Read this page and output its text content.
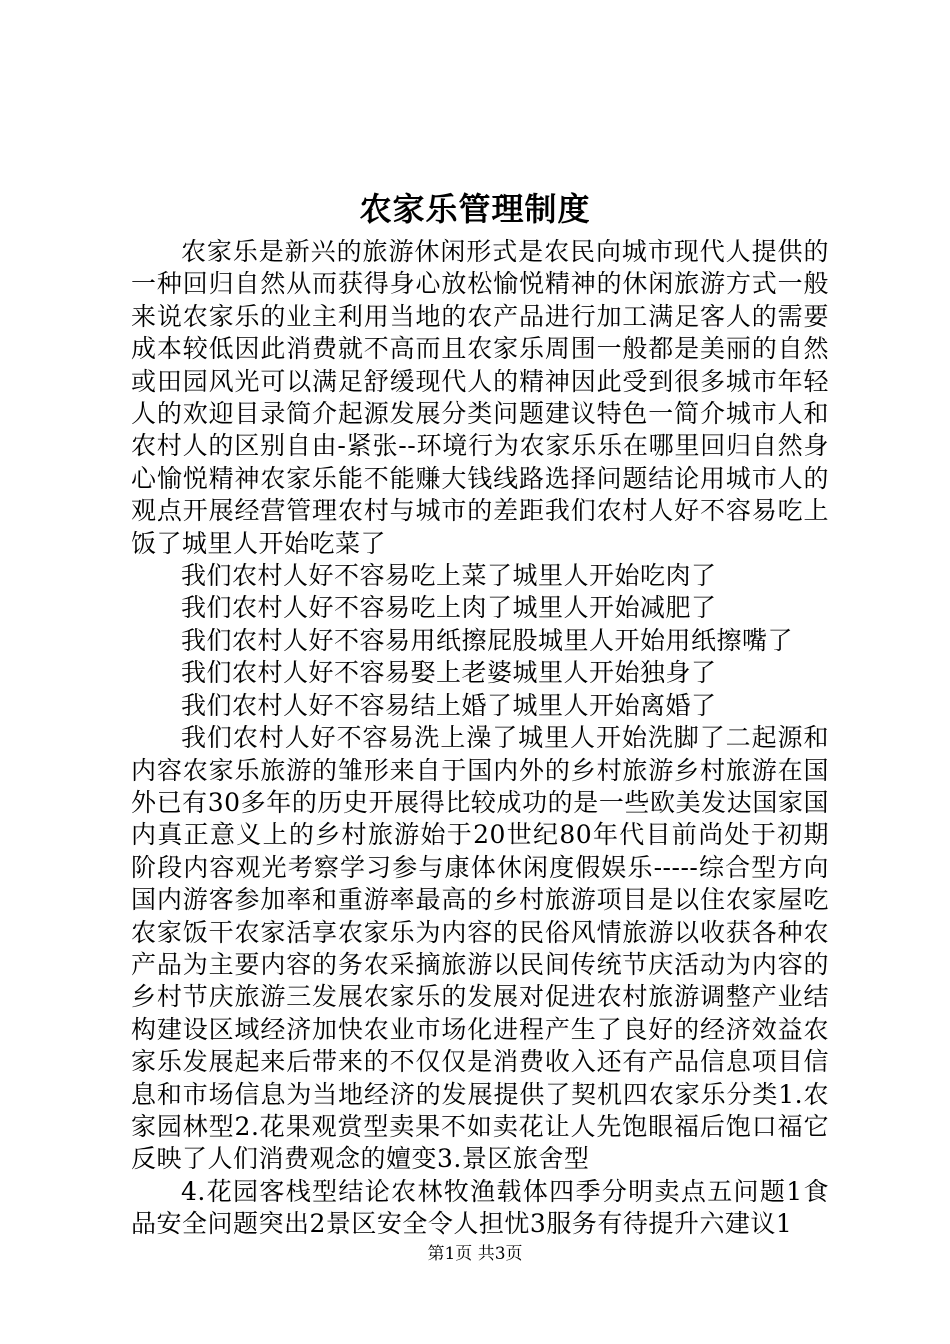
农家乐管理制度

农家乐是新兴的旅游休闲形式是农民向城市现代人提供的一种回归自然从而获得身心放松愉悦精神的休闲旅游方式一般来说农家乐的业主利用当地的农产品进行加工满足客人的需要成本较低因此消费就不高而且农家乐周围一般都是美丽的自然或田园风光可以满足舒缓现代人的精神因此受到很多城市年轻人的欢迎目录简介起源发展分类问题建议特色一简介城市人和农村人的区别自由-紧张--环境行为农家乐乐在哪里回归自然身心愉悦精神农家乐能不能赚大钱线路选择问题结论用城市人的观点开展经营管理农村与城市的差距我们农村人好不容易吃上饭了城里人开始吃菜了

我们农村人好不容易吃上菜了城里人开始吃肉了

我们农村人好不容易吃上肉了城里人开始减肥了

我们农村人好不容易用纸擦屁股城里人开始用纸擦嘴了

我们农村人好不容易娶上老婆城里人开始独身了

我们农村人好不容易结上婚了城里人开始离婚了

我们农村人好不容易洗上澡了城里人开始洗脚了二起源和内容农家乐旅游的雏形来自于国内外的乡村旅游乡村旅游在国外已有30多年的历史开展得比较成功的是一些欧美发达国家国内真正意义上的乡村旅游始于20世纪80年代目前尚处于初期阶段内容观光考察学习参与康体休闲度假娱乐-----综合型方向国内游客参加率和重游率最高的乡村旅游项目是以住农家屋吃农家饭干农家活享农家乐为内容的民俗风情旅游以收获各种农产品为主要内容的务农采摘旅游以民间传统节庆活动为内容的乡村节庆旅游三发展农家乐的发展对促进农村旅游调整产业结构建设区域经济加快农业市场化进程产生了良好的经济效益农家乐发展起来后带来的不仅仅是消费收入还有产品信息项目信息和市场信息为当地经济的发展提供了契机四农家乐分类1.农家园林型2.花果观赏型卖果不如卖花让人先饱眼福后饱口福它反映了人们消费观念的嬗变3.景区旅舍型

4.花园客栈型结论农林牧渔载体四季分明卖点五问题1食品安全问题突出2景区安全令人担忧3服务有待提升六建议1

第1页 共3页
